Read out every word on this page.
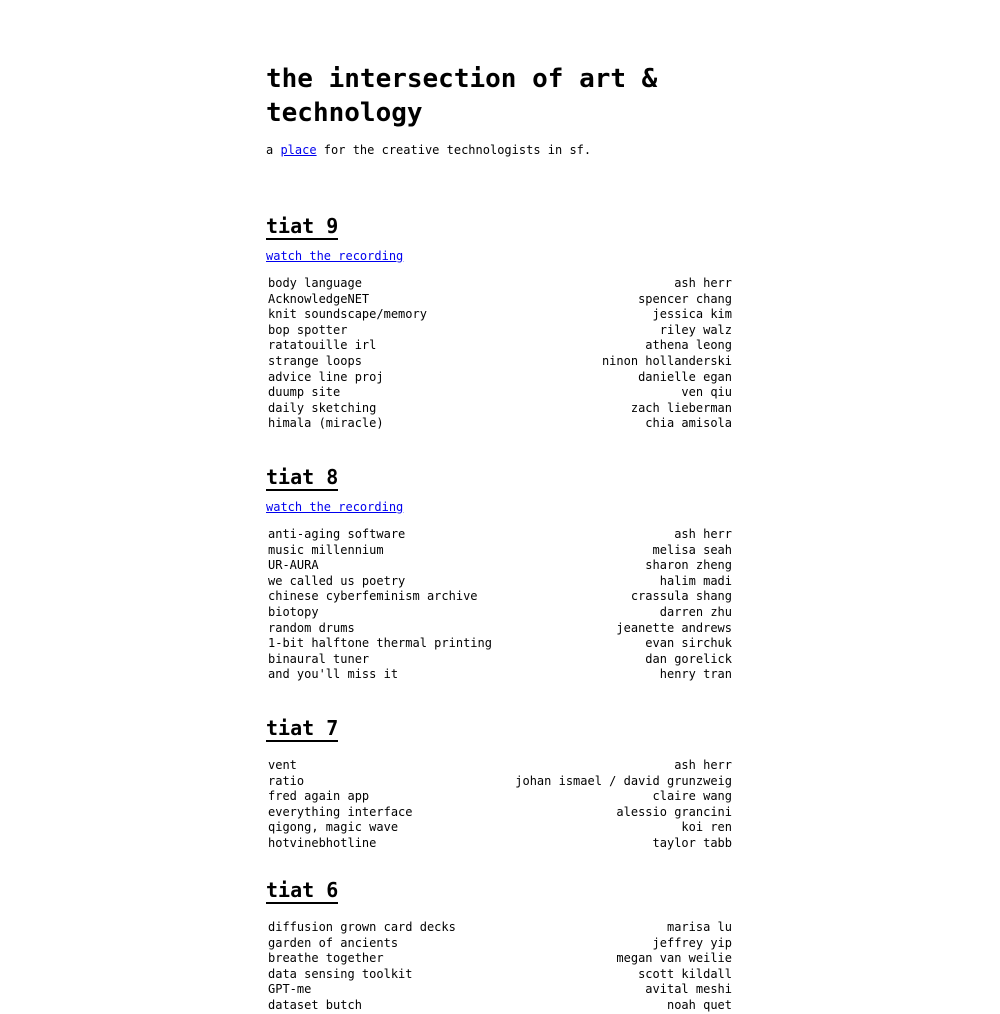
the intersection of art & technology
a place for the creative technologists in sf.
tiat 9
watch the recording
body language	ash herr
AcknowledgeNET	spencer chang
knit soundscape/memory	jessica kim
bop spotter	riley walz
ratatouille irl	athena leong
strange loops	ninon hollanderski
advice line proj	danielle egan
duump site	ven qiu
daily sketching	zach lieberman
himala (miracle)	chia amisola
tiat 8
watch the recording
anti-aging software	ash herr
music millennium	melisa seah
UR-AURA	sharon zheng
we called us poetry	halim madi
chinese cyberfeminism archive	crassula shang
biotopy	darren zhu
random drums	jeanette andrews
1-bit halftone thermal printing	evan sirchuk
binaural tuner	dan gorelick
and you'll miss it	henry tran
tiat 7
vent	ash herr
ratio	johan ismael / david grunzweig
fred again app	claire wang
everything interface	alessio grancini
qigong, magic wave	koi ren
hotvinebhotline	taylor tabb
tiat 6
diffusion grown card decks	marisa lu
garden of ancients	jeffrey yip
breathe together	megan van weilie
data sensing toolkit	scott kildall
GPT-me	avital meshi
dataset butch	noah quet
